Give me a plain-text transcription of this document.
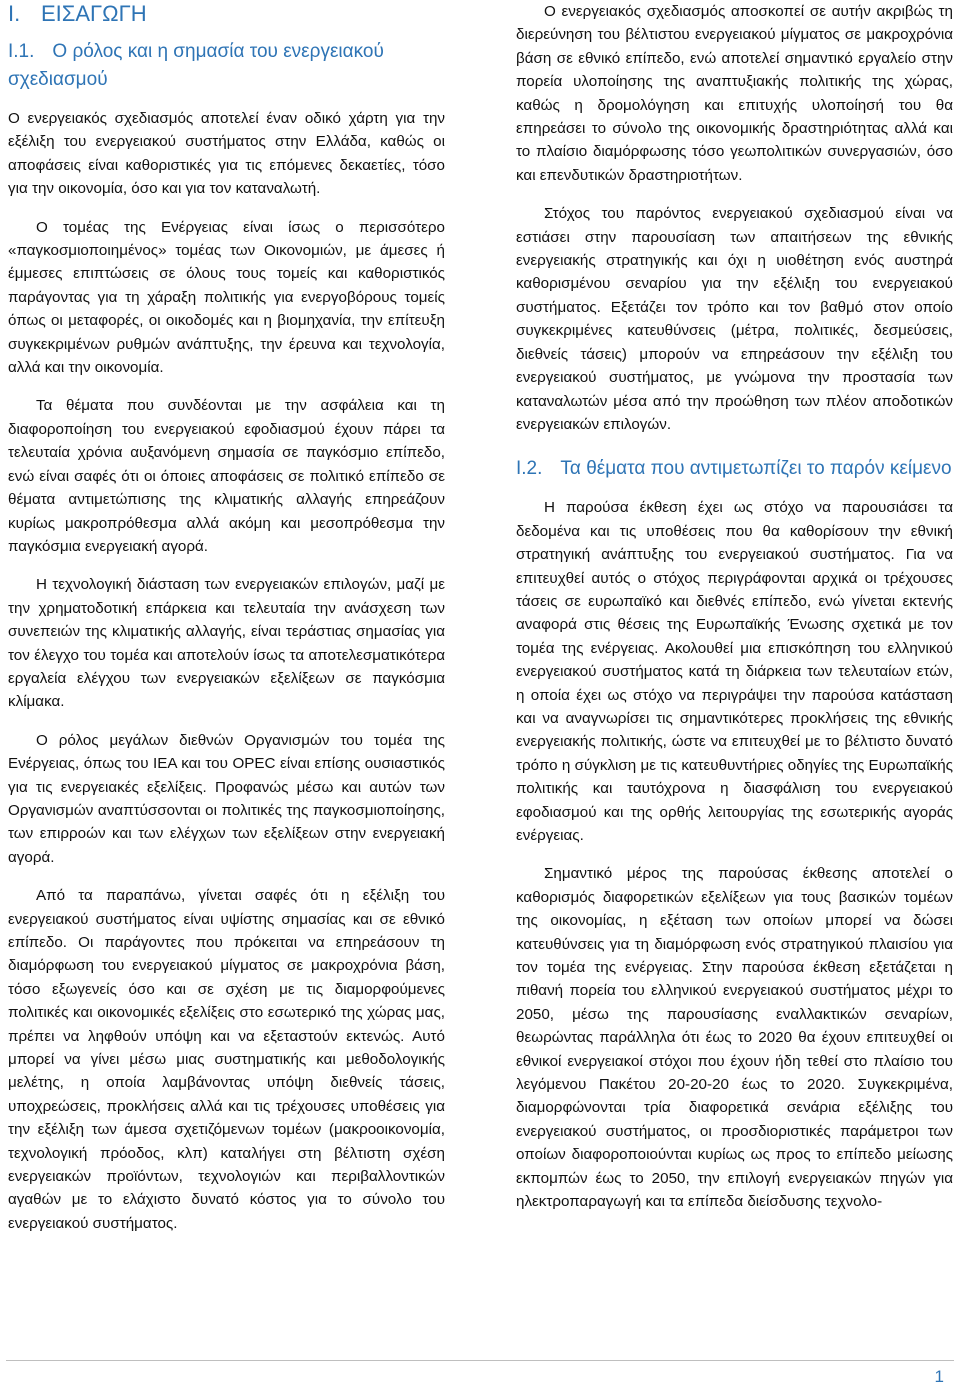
I. ΕΙΣΑΓΩΓΗ
I.1. Ο ρόλος και η σημασία του ενεργειακού σχεδιασμού

Ο ενεργειακός σχεδιασμός αποτελεί έναν οδικό χάρτη για την εξέλιξη του ενεργειακού συστήματος στην Ελλάδα, καθώς οι αποφάσεις είναι καθοριστικές για τις επόμενες δεκαετίες, τόσο για την οικονομία, όσο και για τον καταναλωτή.

Ο τομέας της Ενέργειας είναι ίσως ο περισσότερο «παγκοσμιοποιημένος» τομέας των Οικονομιών, με άμεσες ή έμμεσες επιπτώσεις σε όλους τους τομείς και καθοριστικός παράγοντας για τη χάραξη πολιτικής για ενεργοβόρους τομείς όπως οι μεταφορές, οι οικοδομές και η βιομηχανία, την επίτευξη συγκεκριμένων ρυθμών ανάπτυξης, την έρευνα και τεχνολογία, αλλά και την οικονομία.

Τα θέματα που συνδέονται με την ασφάλεια και τη διαφοροποίηση του ενεργειακού εφοδιασμού έχουν πάρει τα τελευταία χρόνια αυξανόμενη σημασία σε παγκόσμιο επίπεδο, ενώ είναι σαφές ότι οι όποιες αποφάσεις σε πολιτικό επίπεδο σε θέματα αντιμετώπισης της κλιματικής αλλαγής επηρεάζουν κυρίως μακροπρόθεσμα αλλά ακόμη και μεσοπρόθεσμα την παγκόσμια ενεργειακή αγορά.

Η τεχνολογική διάσταση των ενεργειακών επιλογών, μαζί με την χρηματοδοτική επάρκεια και τελευταία την ανάσχεση των συνεπειών της κλιματικής αλλαγής, είναι τεράστιας σημασίας για τον έλεγχο του τομέα και αποτελούν ίσως τα αποτελεσματικότερα εργαλεία ελέγχου των ενεργειακών εξελίξεων σε παγκόσμια κλίμακα.

Ο ρόλος μεγάλων διεθνών Οργανισμών του τομέα της Ενέργειας, όπως του ΙΕΑ και του OPEC είναι επίσης ουσιαστικός για τις ενεργειακές εξελίξεις. Προφανώς μέσω και αυτών των Οργανισμών αναπτύσσονται οι πολιτικές της παγκοσμιοποίησης, των επιρροών και των ελέγχων των εξελίξεων στην ενεργειακή αγορά.

Από τα παραπάνω, γίνεται σαφές ότι η εξέλιξη του ενεργειακού συστήματος είναι υψίστης σημασίας και σε εθνικό επίπεδο. Οι παράγοντες που πρόκειται να επηρεάσουν τη διαμόρφωση του ενεργειακού μίγματος σε μακροχρόνια βάση, τόσο εξωγενείς όσο και σε σχέση με τις διαμορφούμενες πολιτικές και οικονομικές εξελίξεις στο εσωτερικό της χώρας μας, πρέπει να ληφθούν υπόψη και να εξεταστούν εκτενώς. Αυτό μπορεί να γίνει μέσω μιας συστηματικής και μεθοδολογικής μελέτης, η οποία λαμβάνοντας υπόψη διεθνείς τάσεις, υποχρεώσεις, προκλήσεις αλλά και τις τρέχουσες υποθέσεις για την εξέλιξη των άμεσα σχετιζόμενων τομέων (μακροοικονομία, τεχνολογική πρόοδος, κλπ) καταλήγει στη βέλτιστη σχέση ενεργειακών προϊόντων, τεχνολογιών και περιβαλλοντικών αγαθών με το ελάχιστο δυνατό κόστος για το σύνολο του ενεργειακού συστήματος.

Ο ενεργειακός σχεδιασμός αποσκοπεί σε αυτήν ακριβώς τη διερεύνηση του βέλτιστου ενεργειακού μίγματος σε μακροχρόνια βάση σε εθνικό επίπεδο, ενώ αποτελεί σημαντικό εργαλείο στην πορεία υλοποίησης της αναπτυξιακής πολιτικής της χώρας, καθώς η δρομολόγηση και επιτυχής υλοποίησή του θα επηρεάσει το σύνολο της οικονομικής δραστηριότητας αλλά και το πλαίσιο διαμόρφωσης τόσο γεωπολιτικών συνεργασιών, όσο και επενδυτικών δραστηριοτήτων.

Στόχος του παρόντος ενεργειακού σχεδιασμού είναι να εστιάσει στην παρουσίαση των απαιτήσεων της εθνικής ενεργειακής στρατηγικής και όχι η υιοθέτηση ενός αυστηρά καθορισμένου σεναρίου για την εξέλιξη του ενεργειακού συστήματος. Εξετάζει τον τρόπο και τον βαθμό στον οποίο συγκεκριμένες κατευθύνσεις (μέτρα, πολιτικές, δεσμεύσεις, διεθνείς τάσεις) μπορούν να επηρεάσουν την εξέλιξη του ενεργειακού συστήματος, με γνώμονα την προστασία των καταναλωτών μέσα από την προώθηση των πλέον αποδοτικών ενεργειακών επιλογών.

I.2. Τα θέματα που αντιμετωπίζει το παρόν κείμενο

Η παρούσα έκθεση έχει ως στόχο να παρουσιάσει τα δεδομένα και τις υποθέσεις που θα καθορίσουν την εθνική στρατηγική ανάπτυξης του ενεργειακού συστήματος. Για να επιτευχθεί αυτός ο στόχος περιγράφονται αρχικά οι τρέχουσες τάσεις σε ευρωπαϊκό και διεθνές επίπεδο, ενώ γίνεται εκτενής αναφορά στις θέσεις της Ευρωπαϊκής Ένωσης σχετικά με τον τομέα της ενέργειας. Ακολουθεί μια επισκόπηση του ελληνικού ενεργειακού συστήματος κατά τη διάρκεια των τελευταίων ετών, η οποία έχει ως στόχο να περιγράψει την παρούσα κατάσταση και να αναγνωρίσει τις σημαντικότερες προκλήσεις της εθνικής ενεργειακής πολιτικής, ώστε να επιτευχθεί με το βέλτιστο δυνατό τρόπο η σύγκλιση με τις κατευθυντήριες οδηγίες της Ευρωπαϊκής πολιτικής και ταυτόχρονα η διασφάλιση του ενεργειακού εφοδιασμού και της ορθής λειτουργίας της εσωτερικής αγοράς ενέργειας.

Σημαντικό μέρος της παρούσας έκθεσης αποτελεί ο καθορισμός διαφορετικών εξελίξεων για τους βασικών τομέων της οικονομίας, η εξέταση των οποίων μπορεί να δώσει κατευθύνσεις για τη διαμόρφωση ενός στρατηγικού πλαισίου για τον τομέα της ενέργειας. Στην παρούσα έκθεση εξετάζεται η πιθανή πορεία του ελληνικού ενεργειακού συστήματος μέχρι το 2050, μέσω της παρουσίασης εναλλακτικών σεναρίων, θεωρώντας παράλληλα ότι έως το 2020 θα έχουν επιτευχθεί οι εθνικοί ενεργειακοί στόχοι που έχουν ήδη τεθεί στο πλαίσιο του λεγόμενου Πακέτου 20-20-20 έως το 2020. Συγκεκριμένα, διαμορφώνονται τρία διαφορετικά σενάρια εξέλιξης του ενεργειακού συστήματος, οι προσδιοριστικές παράμετροι των οποίων διαφοροποιούνται κυρίως ως προς το επίπεδο μείωσης εκπομπών έως το 2050, την επιλογή ενεργειακών πηγών για ηλεκτροπαραγωγή και τα επίπεδα διείσδυσης τεχνολο-

1
